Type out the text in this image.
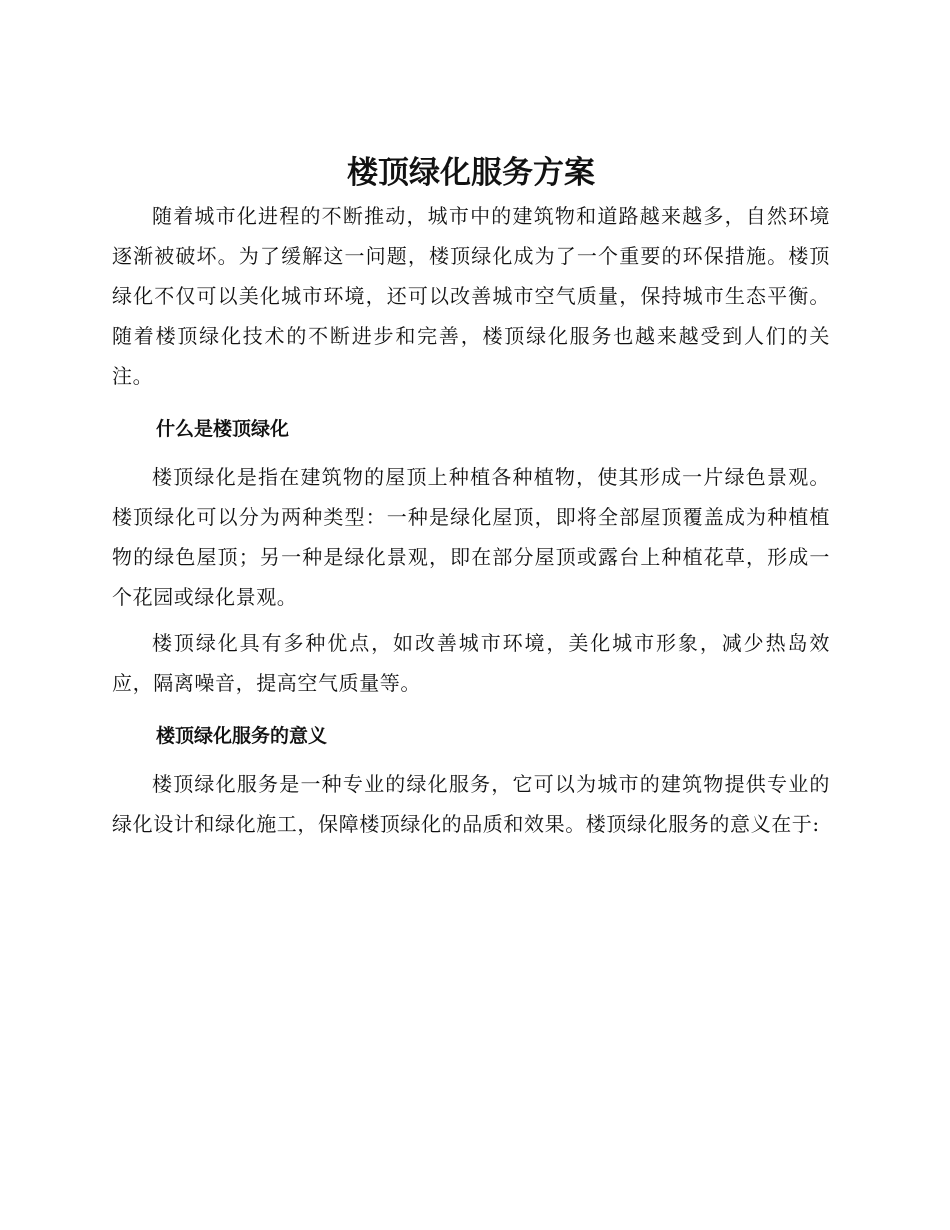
楼顶绿化服务方案

随着城市化进程的不断推动，城市中的建筑物和道路越来越多，自然环境逐渐被破坏。为了缓解这一问题，楼顶绿化成为了一个重要的环保措施。楼顶绿化不仅可以美化城市环境，还可以改善城市空气质量，保持城市生态平衡。随着楼顶绿化技术的不断进步和完善，楼顶绿化服务也越来越受到人们的关注。

什么是楼顶绿化

楼顶绿化是指在建筑物的屋顶上种植各种植物，使其形成一片绿色景观。楼顶绿化可以分为两种类型：一种是绿化屋顶，即将全部屋顶覆盖成为种植植物的绿色屋顶；另一种是绿化景观，即在部分屋顶或露台上种植花草，形成一个花园或绿化景观。

楼顶绿化具有多种优点，如改善城市环境，美化城市形象，减少热岛效应，隔离噪音，提高空气质量等。

楼顶绿化服务的意义

楼顶绿化服务是一种专业的绿化服务，它可以为城市的建筑物提供专业的绿化设计和绿化施工，保障楼顶绿化的品质和效果。楼顶绿化服务的意义在于:
